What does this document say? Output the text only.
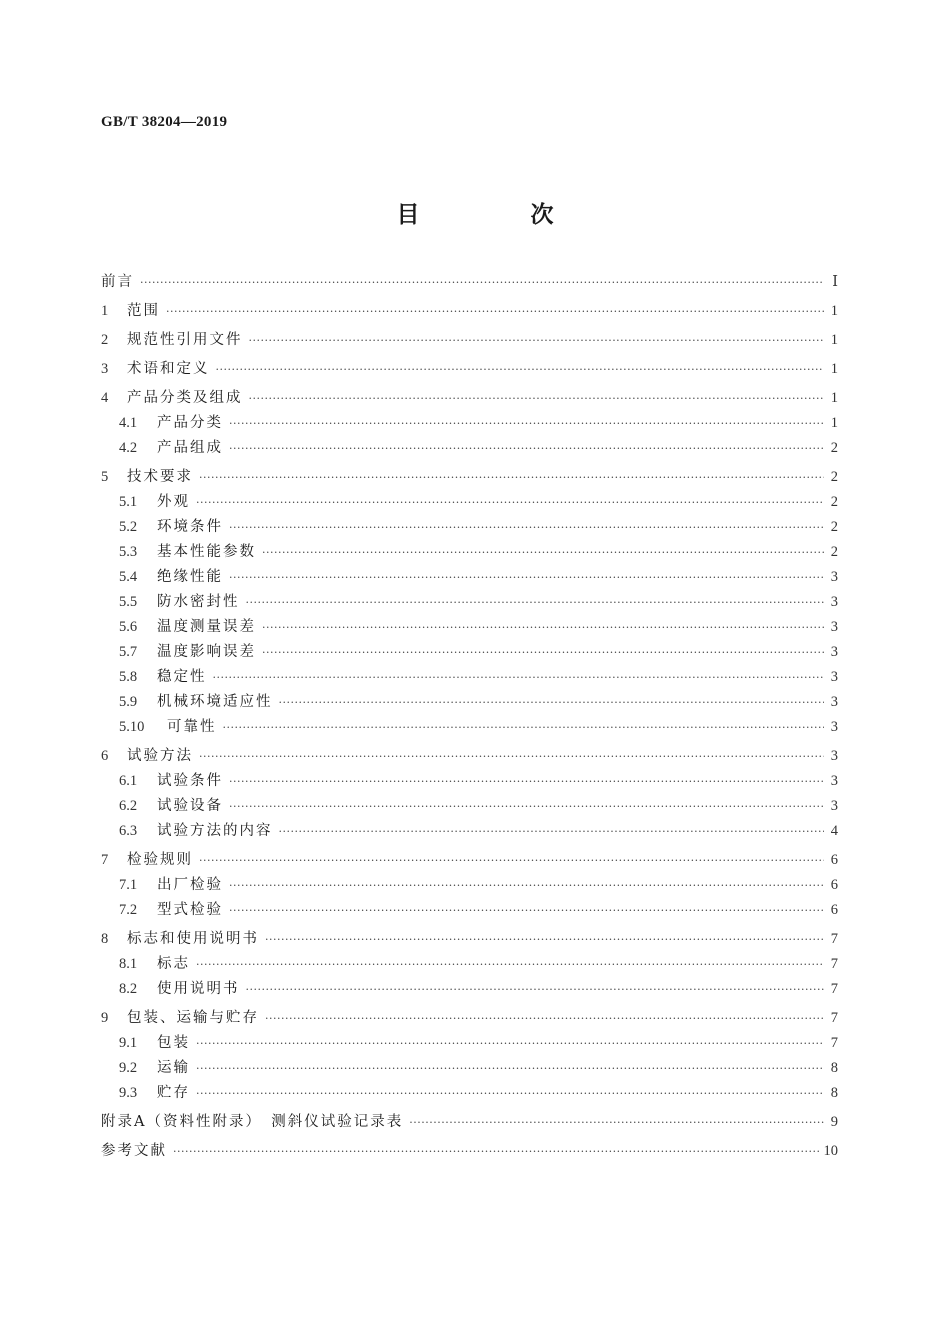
GB/T 38204—2019
目　次
前言 ·····	Ⅰ
1	范围 ·····	1
2	规范性引用文件 ·····	1
3	术语和定义 ·····	1
4	产品分类及组成 ·····	1
4.1	产品分类 ·····	1
4.2	产品组成 ·····	2
5	技术要求 ·····	2
5.1	外观 ·····	2
5.2	环境条件 ·····	2
5.3	基本性能参数 ·····	2
5.4	绝缘性能 ·····	3
5.5	防水密封性 ·····	3
5.6	温度测量误差 ·····	3
5.7	温度影响误差 ·····	3
5.8	稳定性 ·····	3
5.9	机械环境适应性 ·····	3
5.10	可靠性 ·····	3
6	试验方法 ·····	3
6.1	试验条件 ·····	3
6.2	试验设备 ·····	3
6.3	试验方法的内容 ·····	4
7	检验规则 ·····	6
7.1	出厂检验 ·····	6
7.2	型式检验 ·····	6
8	标志和使用说明书 ·····	7
8.1	标志 ·····	7
8.2	使用说明书 ·····	7
9	包装、运输与贮存 ·····	7
9.1	包装 ·····	7
9.2	运输 ·····	8
9.3	贮存 ·····	8
附录A（资料性附录）　测斜仪试验记录表 ·····	9
参考文献 ·····	10
